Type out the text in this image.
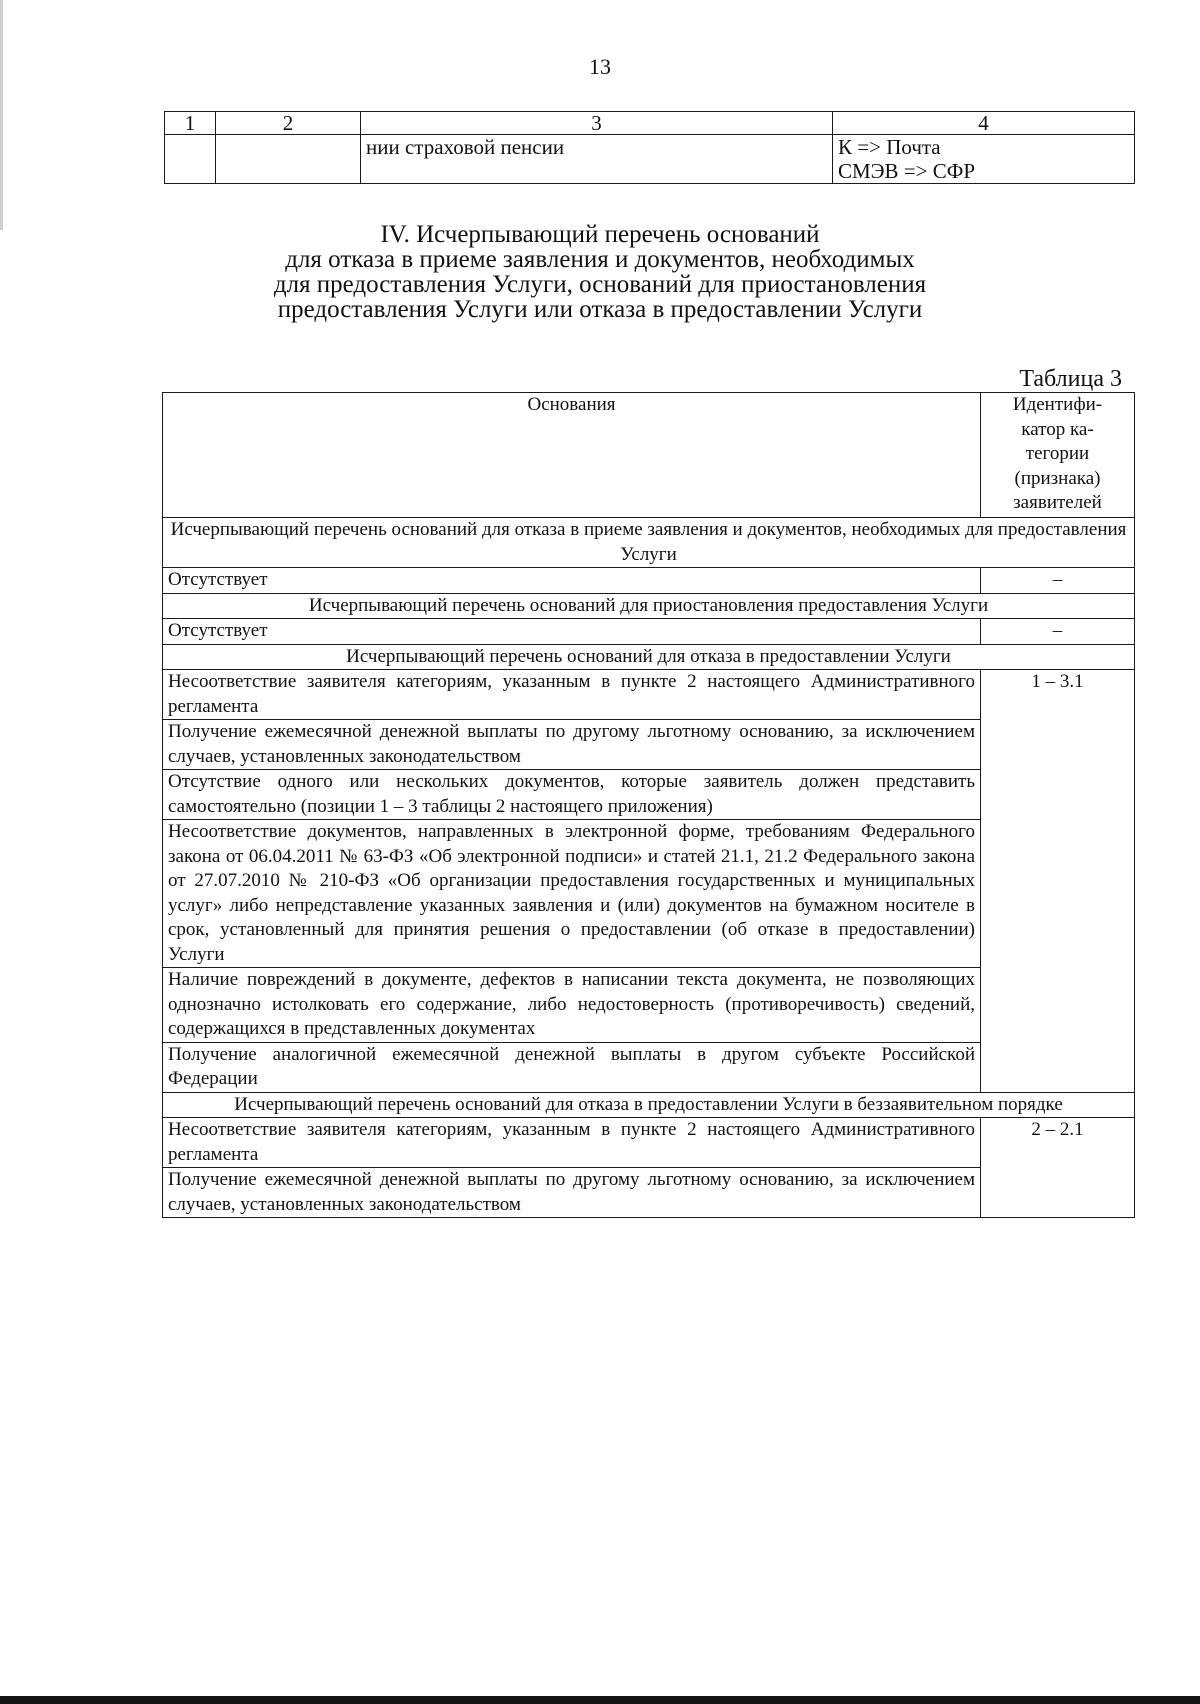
13
1	2	3	4
		нии страховой пенсии	К => Почта
СМЭВ => СФР
IV. Исчерпывающий перечень оснований
для отказа в приеме заявления и документов, необходимых
для предоставления Услуги, оснований для приостановления
предоставления Услуги или отказа в предоставлении Услуги
Таблица 3
Основания	Идентифи-
катор ка-
тегории
(признака)
заявителей
Исчерпывающий перечень оснований для отказа в приеме заявления и документов, необходимых для предоставления Услуги	
Отсутствует	–
Исчерпывающий перечень оснований для приостановления предоставления Услуги	
Отсутствует	–
Исчерпывающий перечень оснований для отказа в предоставлении Услуги	
Несоответствие заявителя категориям, указанным в пункте 2 настоящего Административного регламента	1 – 3.1
Получение ежемесячной денежной выплаты по другому льготному основанию, за исключением случаев, установленных законодательством	
Отсутствие одного или нескольких документов, которые заявитель должен представить самостоятельно (позиции 1 – 3 таблицы 2 настоящего приложения)	
Несоответствие документов, направленных в электронной форме, требованиям Федерального закона от 06.04.2011 № 63-ФЗ «Об электронной подписи» и статей 21.1, 21.2 Федерального закона от 27.07.2010 № 210-ФЗ «Об организации предоставления государственных и муниципальных услуг» либо непредставление указанных заявления и (или) документов на бумажном носителе в срок, установленный для принятия решения о предоставлении (об отказе в предоставлении) Услуги	
Наличие повреждений в документе, дефектов в написании текста документа, не позволяющих однозначно истолковать его содержание, либо недостоверность (противоречивость) сведений, содержащихся в представленных документах	
Получение аналогичной ежемесячной денежной выплаты в другом субъекте Российской Федерации	
Исчерпывающий перечень оснований для отказа в предоставлении Услуги в беззаявительном порядке	
Несоответствие заявителя категориям, указанным в пункте 2 настоящего Административного регламента	2 – 2.1
Получение ежемесячной денежной выплаты по другому льготному основанию, за исключением случаев, установленных законодательством	
